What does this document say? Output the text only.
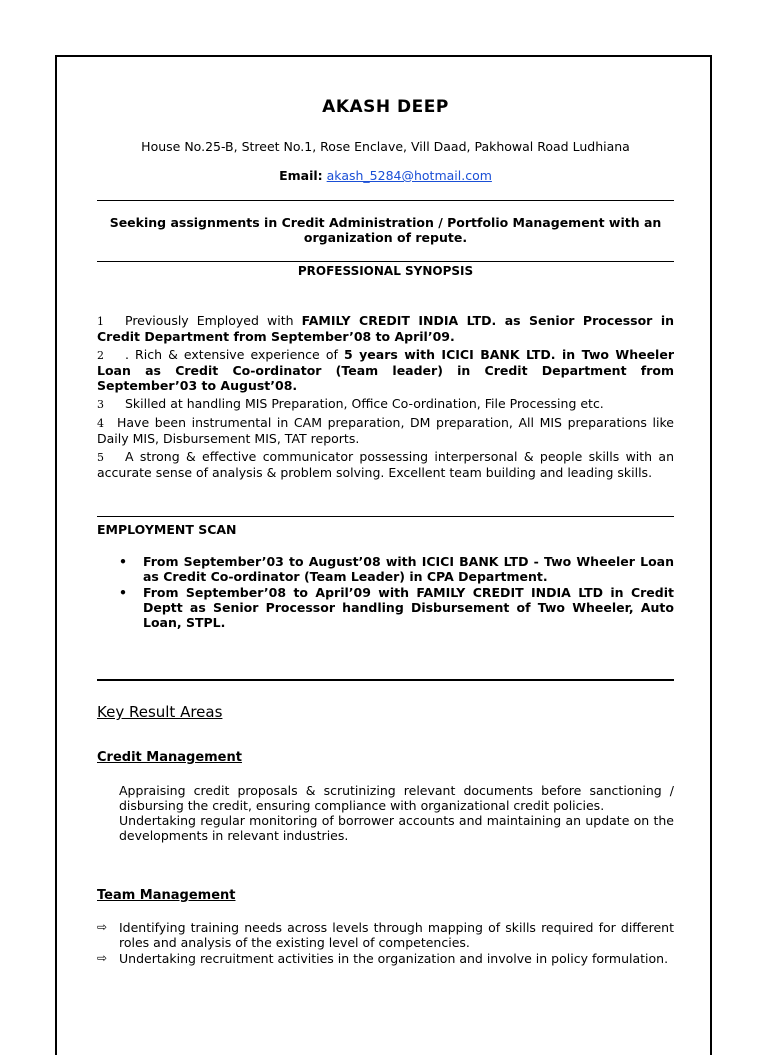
AKASH DEEP
House No.25-B, Street No.1, Rose Enclave, Vill Daad, Pakhowal Road Ludhiana
Email: akash_5284@hotmail.com
Seeking assignments in Credit Administration / Portfolio Management with an organization of repute.
PROFESSIONAL SYNOPSIS
1 Previously Employed with FAMILY CREDIT INDIA LTD. as Senior Processor in Credit Department from September’08 to April’09.
2 . Rich & extensive experience of 5 years with ICICI BANK LTD. in Two Wheeler Loan as Credit Co-ordinator (Team leader) in Credit Department from September’03 to August’08.
3 Skilled at handling MIS Preparation, Office Co-ordination, File Processing etc.
4 Have been instrumental in CAM preparation, DM preparation, All MIS preparations like Daily MIS, Disbursement MIS, TAT reports.
5 A strong & effective communicator possessing interpersonal & people skills with an accurate sense of analysis & problem solving. Excellent team building and leading skills.
EMPLOYMENT SCAN
• From September’03 to August’08 with ICICI BANK LTD - Two Wheeler Loan as Credit Co-ordinator (Team Leader) in CPA Department.
• From September’08 to April’09 with FAMILY CREDIT INDIA LTD in Credit Deptt as Senior Processor handling Disbursement of Two Wheeler, Auto Loan, STPL.
Key Result Areas
Credit Management
Appraising credit proposals & scrutinizing relevant documents before sanctioning / disbursing the credit, ensuring compliance with organizational credit policies.
Undertaking regular monitoring of borrower accounts and maintaining an update on the developments in relevant industries.
Team Management
⇨ Identifying training needs across levels through mapping of skills required for different roles and analysis of the existing level of competencies.
⇨ Undertaking recruitment activities in the organization and involve in policy formulation.
